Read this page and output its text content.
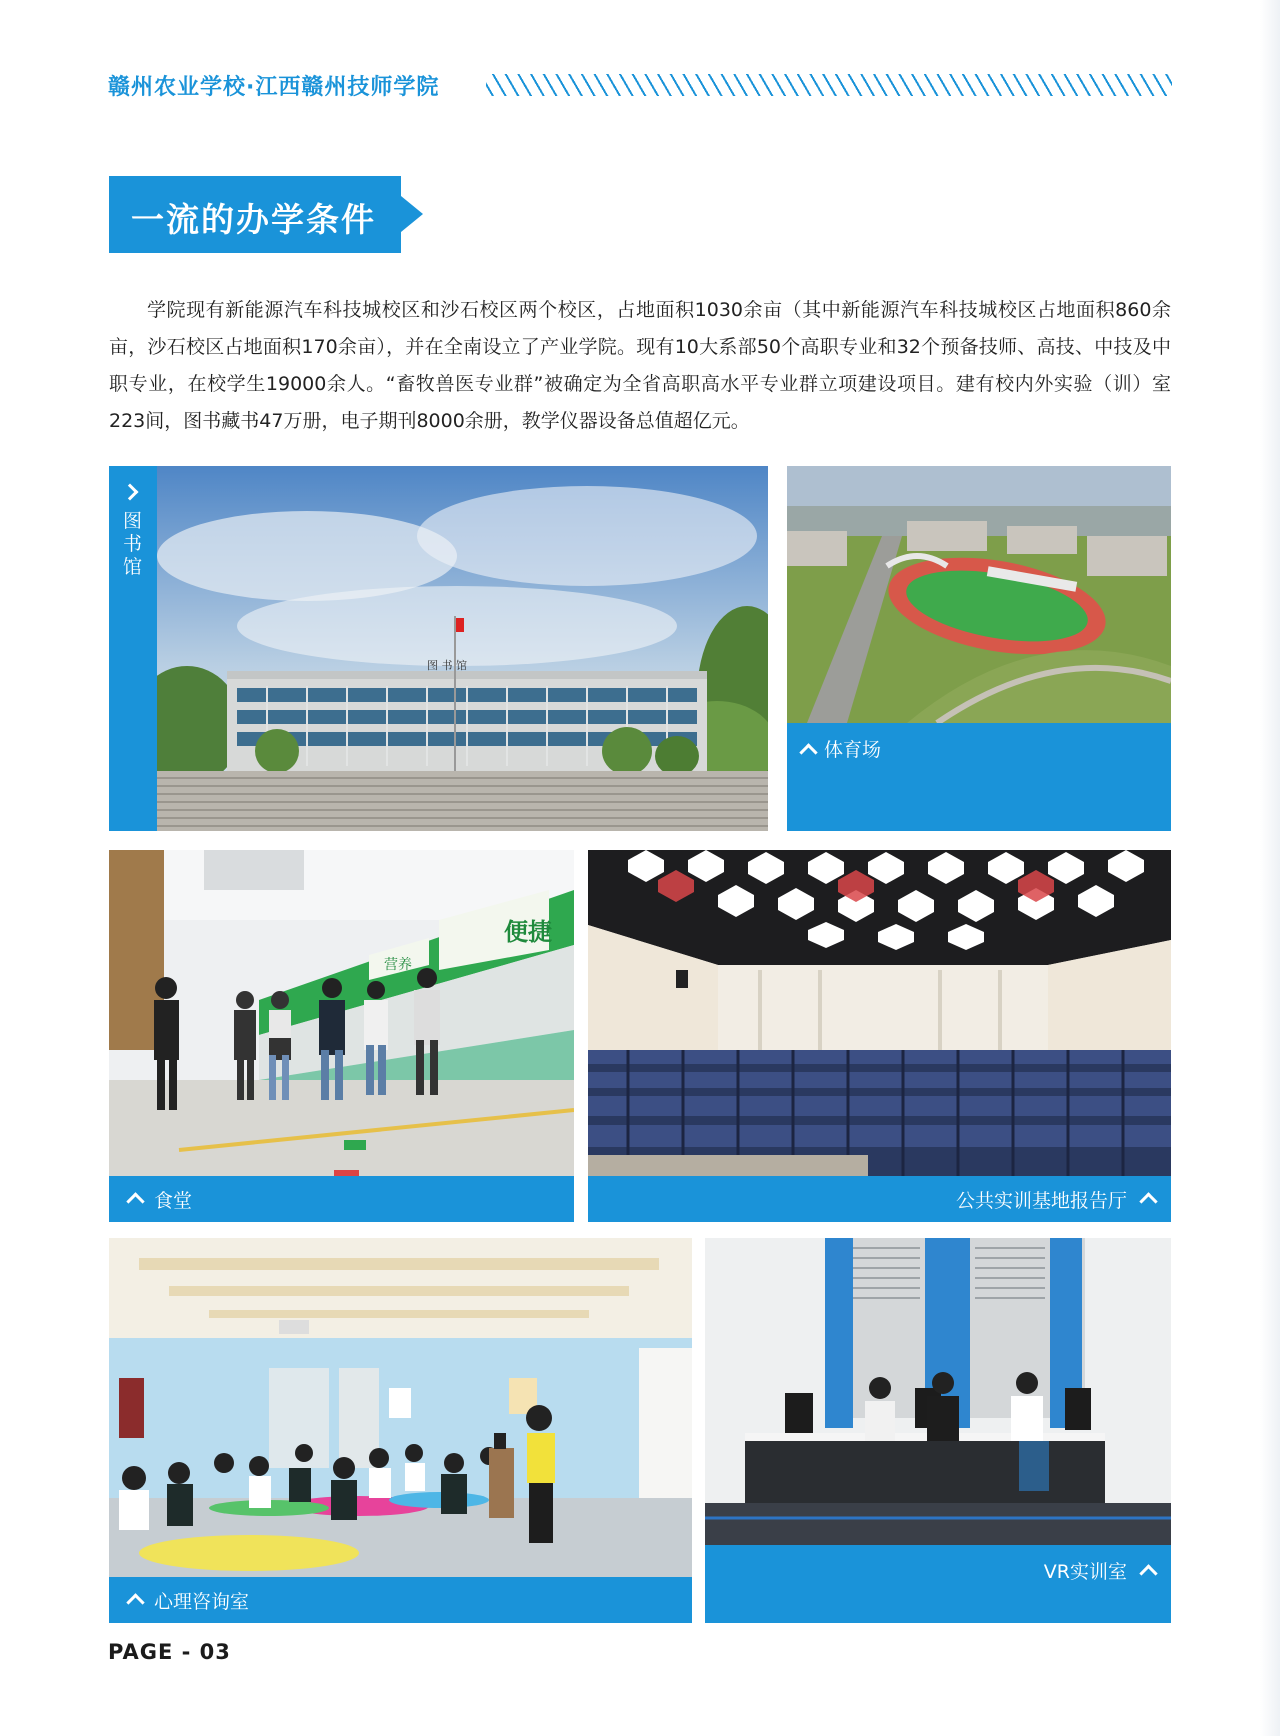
赣州农业学校·江西赣州技师学院
一流的办学条件

学院现有新能源汽车科技城校区和沙石校区两个校区，占地面积1030余亩（其中新能源汽车科技城校区占地面积860余亩，沙石校区占地面积170余亩），并在全南设立了产业学院。现有10大系部50个高职专业和32个预备技师、高技、中技及中职专业，在校学生19000余人。“畜牧兽医专业群”被确定为全省高职高水平专业群立项建设项目。建有校内外实验（训）室223间，图书藏书47万册，电子期刊8000余册，教学仪器设备总值超亿元。

图书馆
图 书 馆
体育场
便捷
营养
食堂	公共实训基地报告厅
心理咨询室
VR实训室
PAGE - 03
